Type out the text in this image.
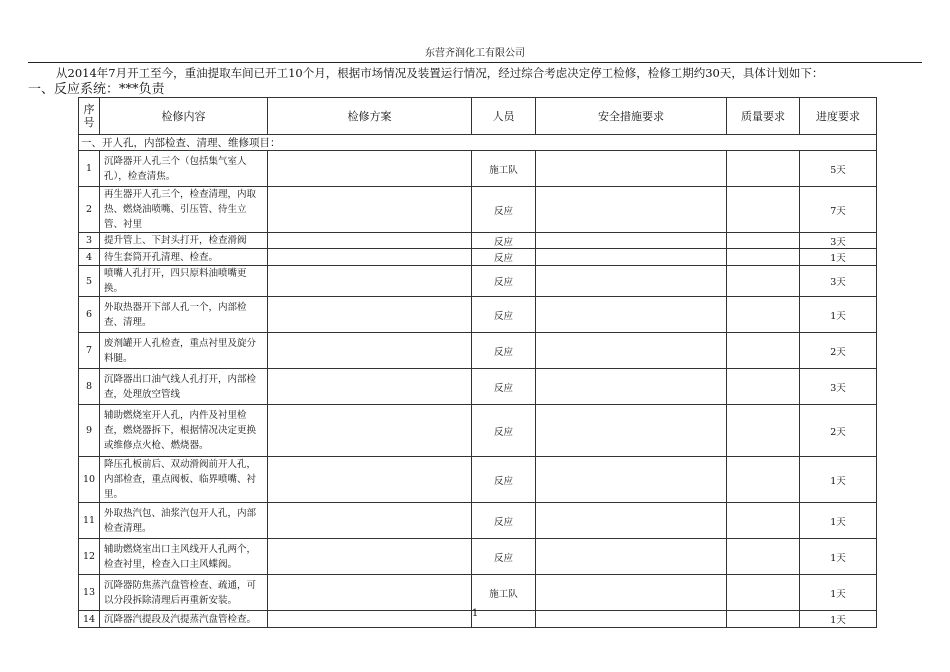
东营齐润化工有限公司
从2014年7月开工至今，重油提取车间已开工10个月，根据市场情况及装置运行情况，经过综合考虑决定停工检修，检修工期约30天，具体计划如下：
一、反应系统：***负责
序号	检修内容	检修方案	人员	安全措施要求	质量要求	进度要求
一、开人孔，内部检查、清理、维修项目：						
1	沉降器开人孔三个（包括集气室人孔），检查清焦。		施工队			5天
2	再生器开人孔三个，检查清理，内取热、燃烧油喷嘴、引压管、待生立管、衬里		反应			7天
3	提升管上、下封头打开，检查滑阀		反应			3天
4	待生套筒开孔清理、检查。		反应			1天
5	喷嘴人孔打开，四只原料油喷嘴更换。		反应			3天
6	外取热器开下部人孔一个，内部检查、清理。		反应			1天
7	废剂罐开人孔检查，重点衬里及旋分料腿。		反应			2天
8	沉降器出口油气线人孔打开，内部检查，处理放空管线		反应			3天
9	辅助燃烧室开人孔，内件及衬里检查，燃烧器拆下，根据情况决定更换或维修点火枪、燃烧器。		反应			2天
10	降压孔板前后、双动滑阀前开人孔，内部检查，重点阀板、临界喷嘴、衬里。		反应			1天
11	外取热汽包、油浆汽包开人孔，内部检查清理。		反应			1天
12	辅助燃烧室出口主风线开人孔两个，检查衬里，检查入口主风蝶阀。		反应			1天
13	沉降器防焦蒸汽盘管检查、疏通，可以分段拆除清理后再重新安装。		施工队			1天
14	沉降器汽提段及汽提蒸汽盘管检查。					1天
1
